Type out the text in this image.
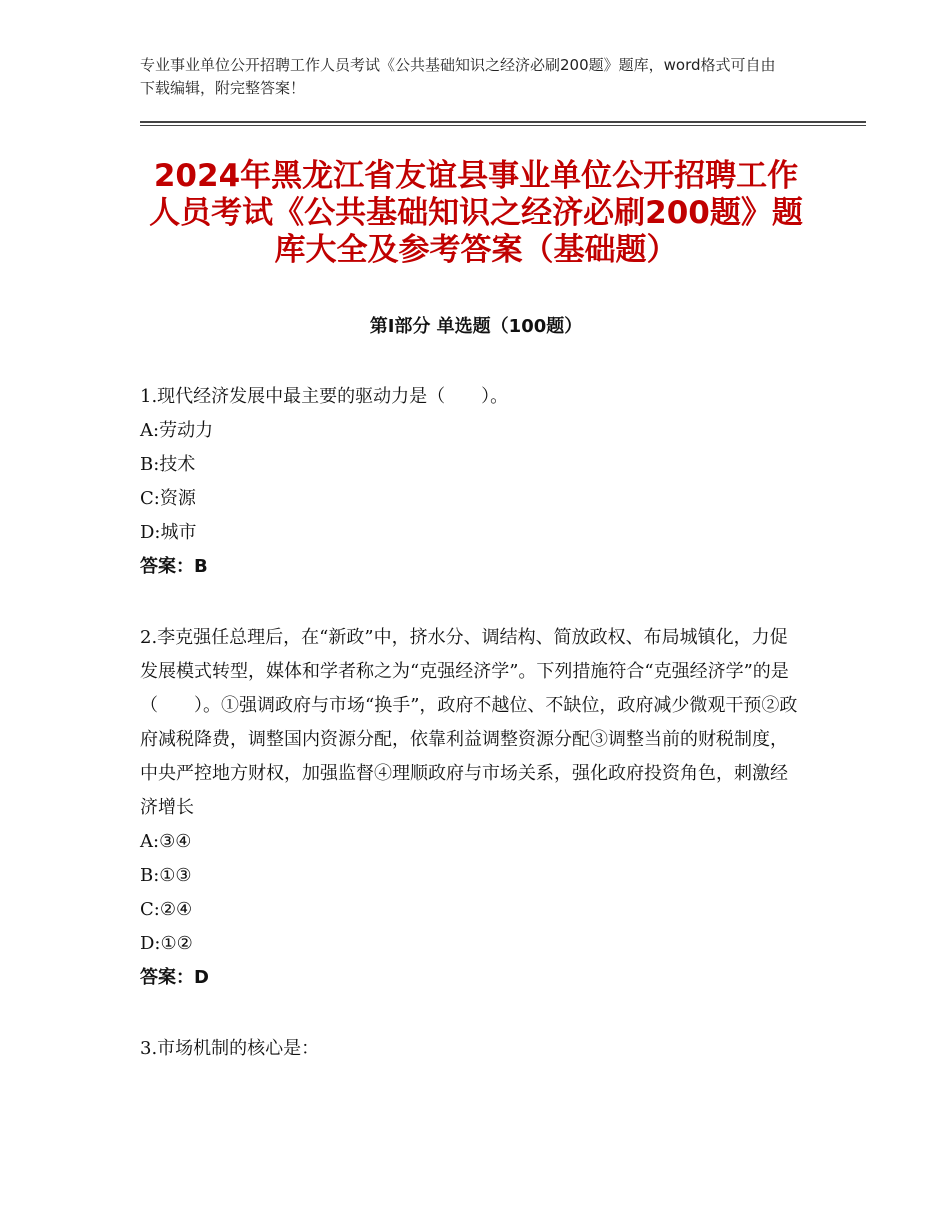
专业事业单位公开招聘工作人员考试《公共基础知识之经济必刷200题》题库，word格式可自由下载编辑，附完整答案！
2024年黑龙江省友谊县事业单位公开招聘工作人员考试《公共基础知识之经济必刷200题》题库大全及参考答案（基础题）
第Ⅰ部分 单选题（100题）

1.现代经济发展中最主要的驱动力是（　　）。

A:劳动力

B:技术

C:资源

D:城市

答案：B

2.李克强任总理后，在“新政”中，挤水分、调结构、简放政权、布局城镇化，力促发展模式转型，媒体和学者称之为“克强经济学”。下列措施符合“克强经济学”的是（　　）。①强调政府与市场“换手”，政府不越位、不缺位，政府减少微观干预②政府减税降费，调整国内资源分配，依靠利益调整资源分配③调整当前的财税制度，中央严控地方财权，加强监督④理顺政府与市场关系，强化政府投资角色，刺激经济增长

A:③④

B:①③

C:②④

D:①②

答案：D

3.市场机制的核心是：
